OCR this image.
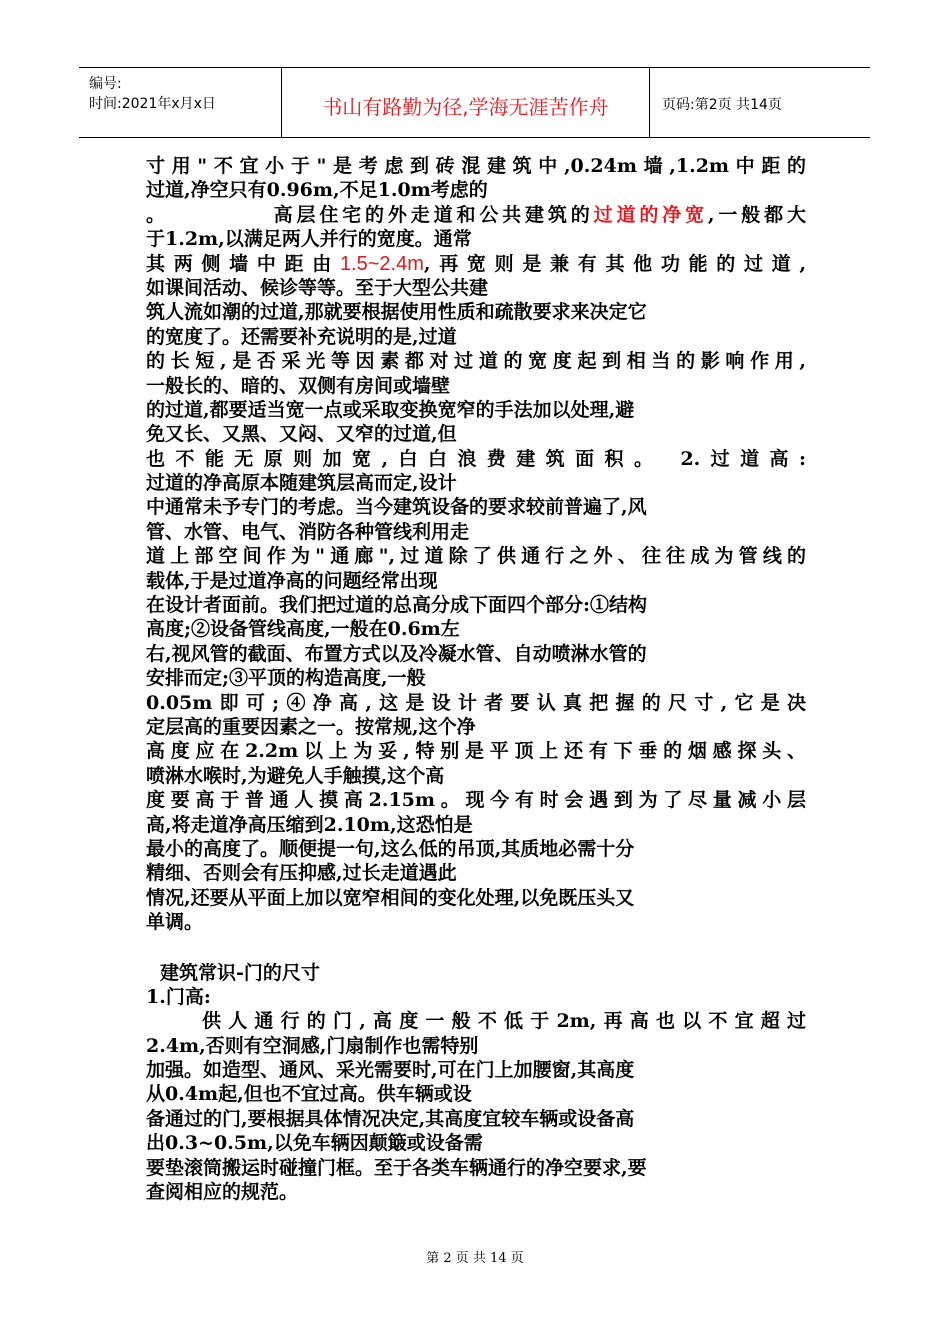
编号:
时间:2021年x月x日	书山有路勤为径,学海无涯苦作舟	页码:第2页 共14页
寸用"不宜小于"是考虑到砖混建筑中,0.24m墙,1.2m中距的
过道,净空只有0.96m,不足1.0m考虑的
。          高层住宅的外走道和公共建筑的过道的净宽,一般都大
于1.2m,以满足两人并行的宽度。通常
其两侧墙中距由1.5~2.4m,再宽则是兼有其他功能的过道,
如课间活动、候诊等等。至于大型公共建
筑人流如潮的过道,那就要根据使用性质和疏散要求来决定它
的宽度了。还需要补充说明的是,过道
的长短,是否采光等因素都对过道的宽度起到相当的影响作用,
一般长的、暗的、双侧有房间或墙壁
的过道,都要适当宽一点或采取变换宽窄的手法加以处理,避
免又长、又黑、又闷、又窄的过道,但
也不能无原则加宽,白白浪费建筑面积。 2.过道高:
过道的净高原本随建筑层高而定,设计
中通常未予专门的考虑。当今建筑设备的要求较前普遍了,风
管、水管、电气、消防各种管线利用走
道上部空间作为"通廊",过道除了供通行之外、往往成为管线的
载体,于是过道净高的问题经常出现
在设计者面前。我们把过道的总高分成下面四个部分:①结构
高度;②设备管线高度,一般在0.6m左
右,视风管的截面、布置方式以及冷凝水管、自动喷淋水管的
安排而定;③平顶的构造高度,一般
0.05m即可;④净高,这是设计者要认真把握的尺寸,它是决
定层高的重要因素之一。按常规,这个净
高度应在2.2m以上为妥,特别是平顶上还有下垂的烟感探头、
喷淋水喉时,为避免人手触摸,这个高
度要高于普通人摸高2.15m。现今有时会遇到为了尽量减小层
高,将走道净高压缩到2.10m,这恐怕是
最小的高度了。顺便提一句,这么低的吊顶,其质地必需十分
精细、否则会有压抑感,过长走道遇此
情况,还要从平面上加以宽窄相间的变化处理,以免既压头又
单调。
建筑常识-门的尺寸
1.门高:
供人通行的门,高度一般不低于2m,再高也以不宜超过
2.4m,否则有空洞感,门扇制作也需特别
加强。如造型、通风、采光需要时,可在门上加腰窗,其高度
从0.4m起,但也不宜过高。供车辆或设
备通过的门,要根据具体情况决定,其高度宜较车辆或设备高
出0.3~0.5m,以免车辆因颠簸或设备需
要垫滚筒搬运时碰撞门框。至于各类车辆通行的净空要求,要
查阅相应的规范。
第 2 页 共 14 页
